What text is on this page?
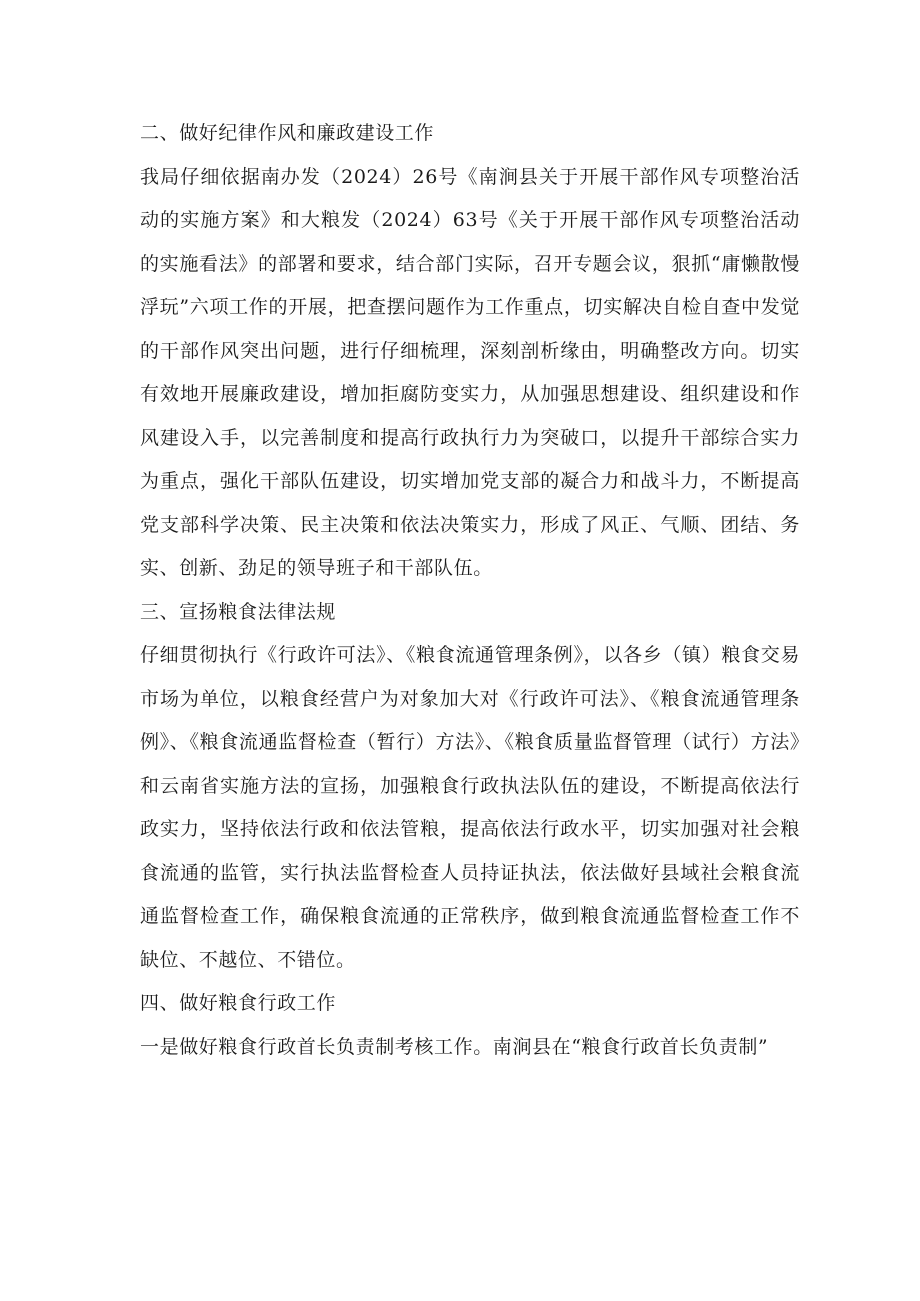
二、做好纪律作风和廉政建设工作

我局仔细依据南办发（2024）26号《南涧县关于开展干部作风专项整治活动的实施方案》和大粮发（2024）63号《关于开展干部作风专项整治活动的实施看法》的部署和要求，结合部门实际，召开专题会议，狠抓“庸懒散慢浮玩”六项工作的开展，把查摆问题作为工作重点，切实解决自检自查中发觉的干部作风突出问题，进行仔细梳理，深刻剖析缘由，明确整改方向。切实有效地开展廉政建设，增加拒腐防变实力，从加强思想建设、组织建设和作风建设入手，以完善制度和提高行政执行力为突破口，以提升干部综合实力为重点，强化干部队伍建设，切实增加党支部的凝合力和战斗力，不断提高党支部科学决策、民主决策和依法决策实力，形成了风正、气顺、团结、务实、创新、劲足的领导班子和干部队伍。

三、宣扬粮食法律法规

仔细贯彻执行《行政许可法》、《粮食流通管理条例》，以各乡（镇）粮食交易市场为单位，以粮食经营户为对象加大对《行政许可法》、《粮食流通管理条例》、《粮食流通监督检查（暂行）方法》、《粮食质量监督管理（试行）方法》和云南省实施方法的宣扬，加强粮食行政执法队伍的建设，不断提高依法行政实力，坚持依法行政和依法管粮，提高依法行政水平，切实加强对社会粮食流通的监管，实行执法监督检查人员持证执法，依法做好县域社会粮食流通监督检查工作，确保粮食流通的正常秩序，做到粮食流通监督检查工作不缺位、不越位、不错位。

四、做好粮食行政工作

一是做好粮食行政首长负责制考核工作。南涧县在“粮食行政首长负责制”
